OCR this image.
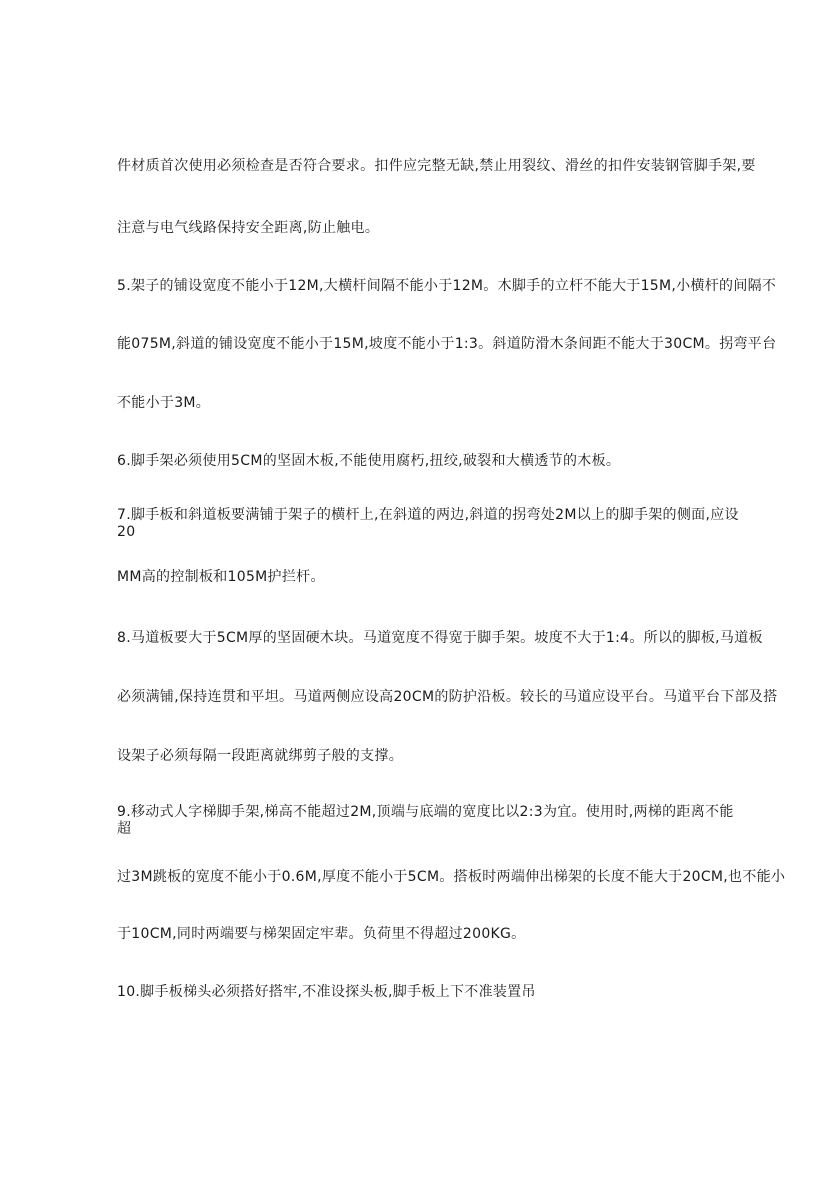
件材质首次使用必须检查是否符合要求。扣件应完整无缺,禁止用裂纹、滑丝的扣件安装钢管脚手架,要
注意与电气线路保持安全距离,防止触电。
5.架子的铺设宽度不能小于12M,大横杆间隔不能小于12M。木脚手的立杆不能大于15M,小横杆的间隔不
能075M,斜道的铺设宽度不能小于15M,坡度不能小于1:3。斜道防滑木条间距不能大于30CM。拐弯平台
不能小于3M。
6.脚手架必须使用5CM的坚固木板,不能使用腐朽,扭绞,破裂和大横透节的木板。
7.脚手板和斜道板要满铺于架子的横杆上,在斜道的两边,斜道的拐弯处2M以上的脚手架的侧面,应设
20
MM高的控制板和105M护拦杆。
8.马道板要大于5CM厚的坚固硬木块。马道宽度不得宽于脚手架。坡度不大于1:4。所以的脚板,马道板
必须满铺,保持连贯和平坦。马道两侧应设高20CM的防护沿板。较长的马道应设平台。马道平台下部及搭
设架子必须每隔一段距离就绑剪子般的支撑。
9.移动式人字梯脚手架,梯高不能超过2M,顶端与底端的宽度比以2:3为宜。使用时,两梯的距离不能
超
过3M跳板的宽度不能小于0.6M,厚度不能小于5CM。搭板时两端伸出梯架的长度不能大于20CM,也不能小
于10CM,同时两端要与梯架固定牢辈。负荷里不得超过200KG。
10.脚手板梯头必须搭好搭牢,不准设探头板,脚手板上下不准装置吊
